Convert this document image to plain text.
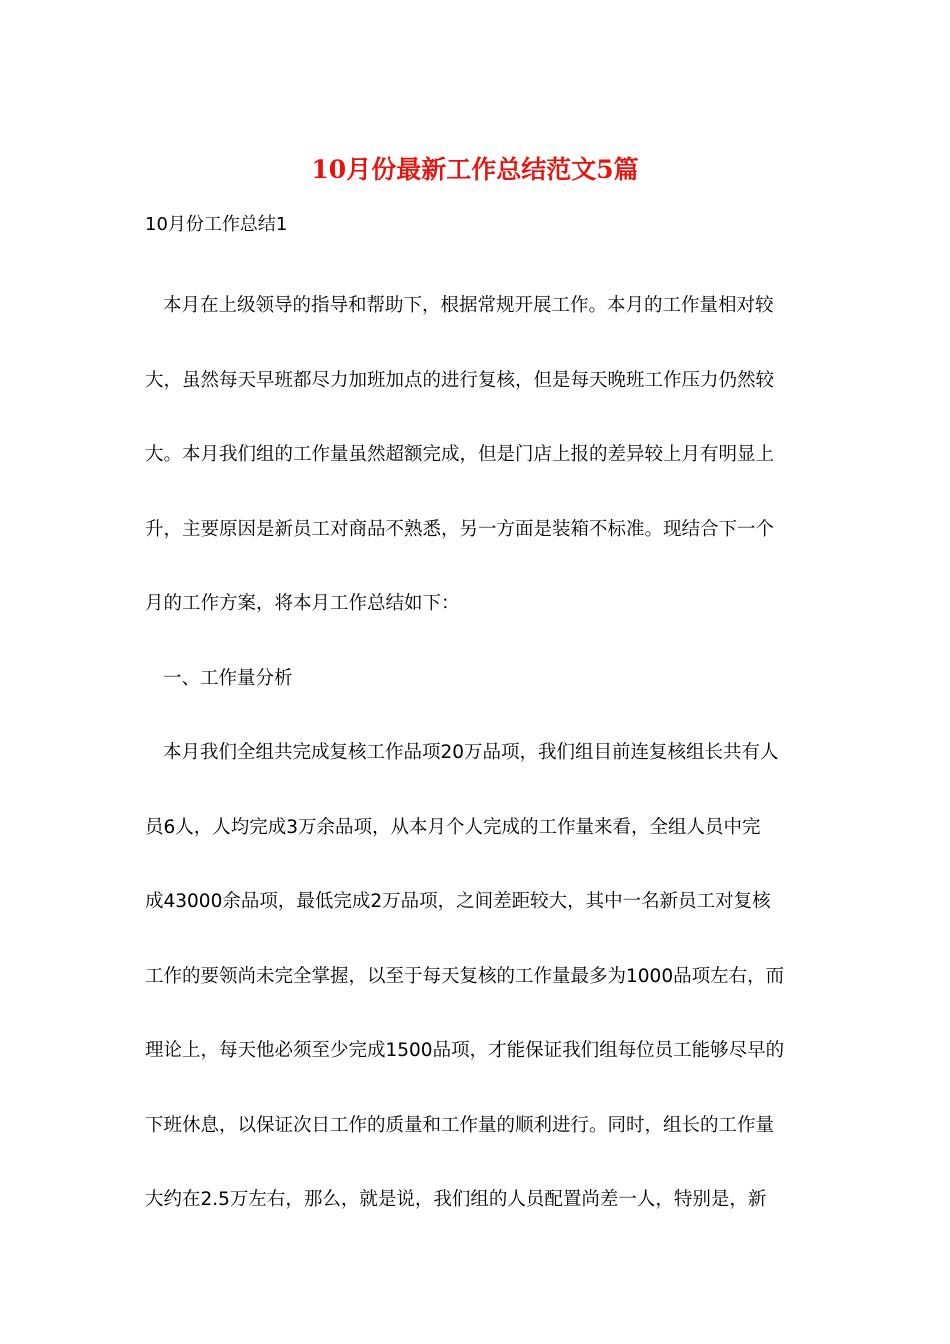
10月份最新工作总结范文5篇

10月份工作总结1

本月在上级领导的指导和帮助下，根据常规开展工作。本月的工作量相对较
大，虽然每天早班都尽力加班加点的进行复核，但是每天晚班工作压力仍然较
大。本月我们组的工作量虽然超额完成，但是门店上报的差异较上月有明显上
升，主要原因是新员工对商品不熟悉，另一方面是装箱不标准。现结合下一个
月的工作方案，将本月工作总结如下：
一、工作量分析
本月我们全组共完成复核工作品项20万品项，我们组目前连复核组长共有人
员6人，人均完成3万余品项，从本月个人完成的工作量来看，全组人员中完
成43000余品项，最低完成2万品项，之间差距较大，其中一名新员工对复核
工作的要领尚未完全掌握，以至于每天复核的工作量最多为1000品项左右，而
理论上，每天他必须至少完成1500品项，才能保证我们组每位员工能够尽早的
下班休息，以保证次日工作的质量和工作量的顺利进行。同时，组长的工作量
大约在2.5万左右，那么，就是说，我们组的人员配置尚差一人，特别是，新
